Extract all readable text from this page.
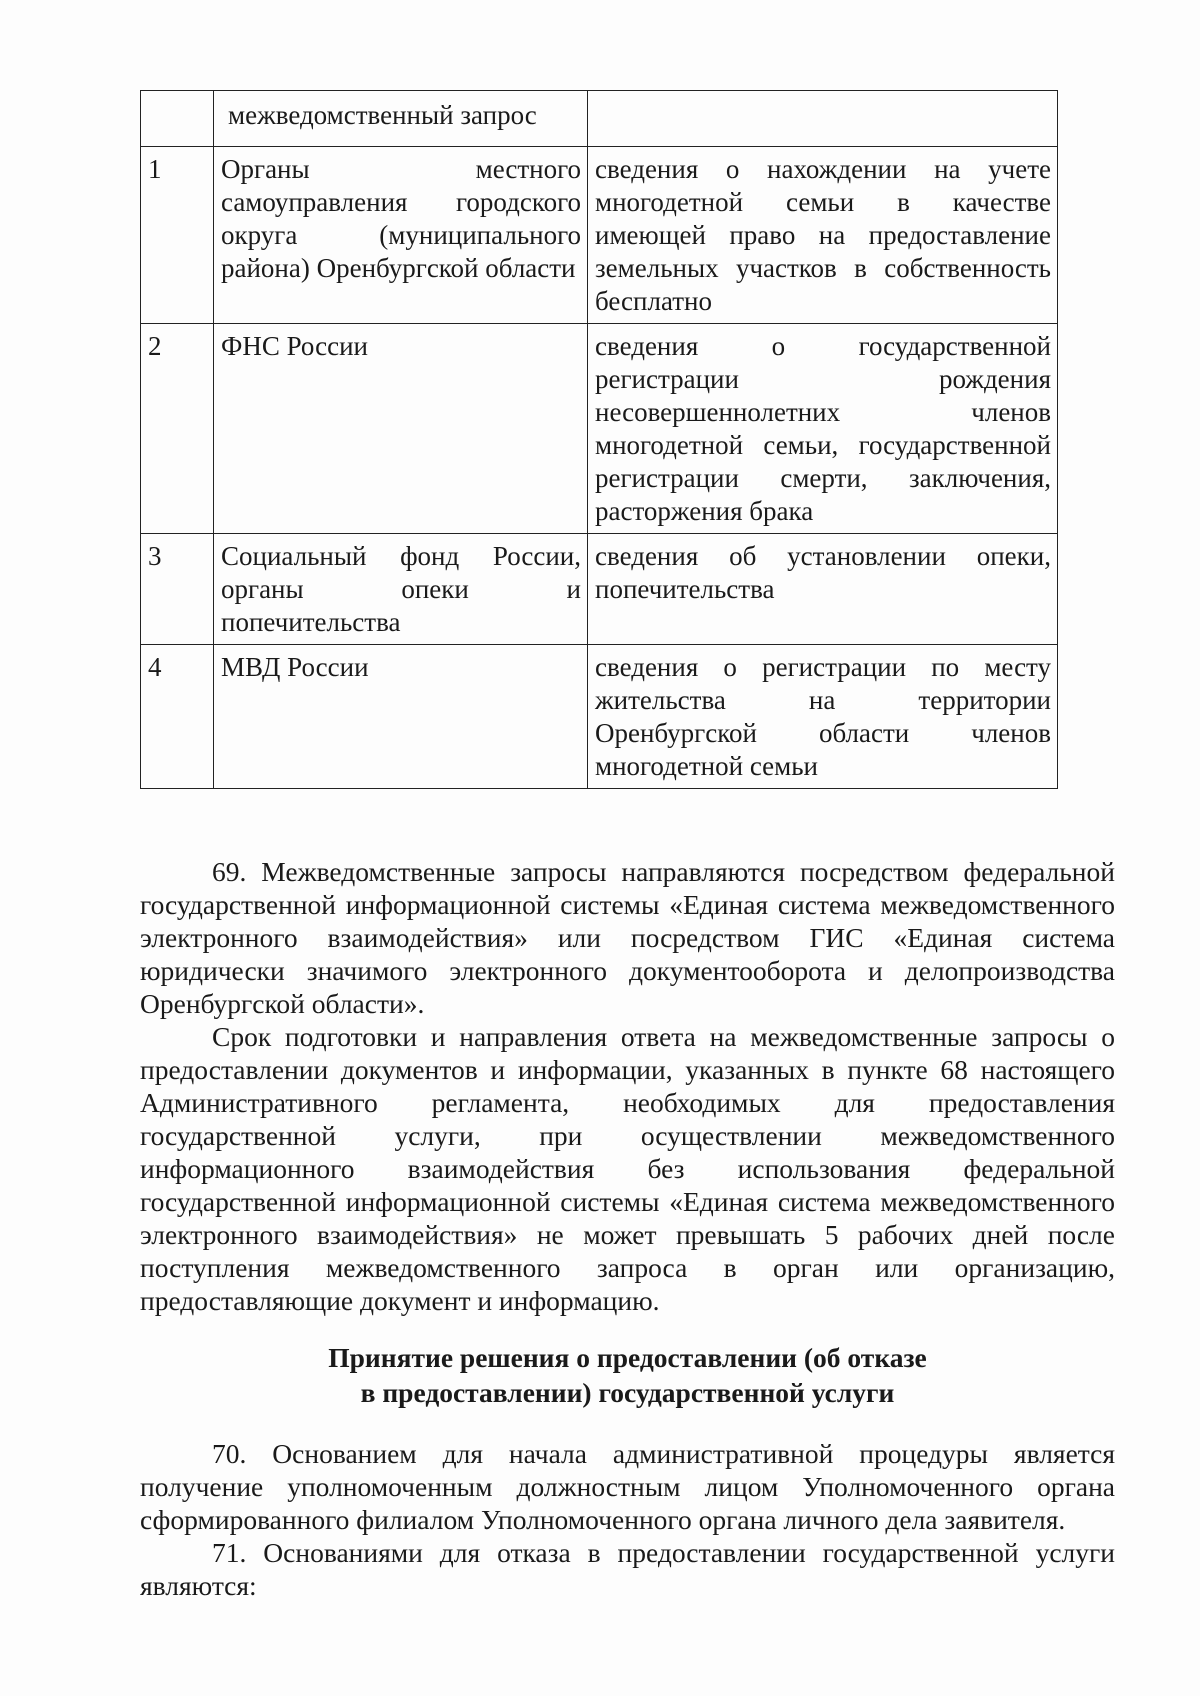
	межведомственный запрос	
1	Органы местного самоуправления городского округа (муниципального района) Оренбургской области	сведения о нахождении на учете многодетной семьи в качестве имеющей право на предоставление земельных участков в собственность бесплатно
2	ФНС России	сведения о государственной регистрации рождения несовершеннолетних членов многодетной семьи, государственной регистрации смерти, заключения, расторжения брака
3	Социальный фонд России, органы опеки и попечительства	сведения об установлении опеки, попечительства
4	МВД России	сведения о регистрации по месту жительства на территории Оренбургской области членов многодетной семьи

69. Межведомственные запросы направляются посредством федеральной государственной информационной системы «Единая система межведомственного электронного взаимодействия» или посредством ГИС «Единая система юридически значимого электронного документооборота и делопроизводства Оренбургской области».

Срок подготовки и направления ответа на межведомственные запросы о предоставлении документов и информации, указанных в пункте 68 настоящего Административного регламента, необходимых для предоставления государственной услуги, при осуществлении межведомственного информационного взаимодействия без использования федеральной государственной информационной системы «Единая система межведомственного электронного взаимодействия» не может превышать 5 рабочих дней после поступления межведомственного запроса в орган или организацию, предоставляющие документ и информацию.

Принятие решения о предоставлении (об отказе

в предоставлении) государственной услуги

70. Основанием для начала административной процедуры является получение уполномоченным должностным лицом Уполномоченного органа сформированного филиалом Уполномоченного органа личного дела заявителя.

71. Основаниями для отказа в предоставлении государственной услуги являются:
